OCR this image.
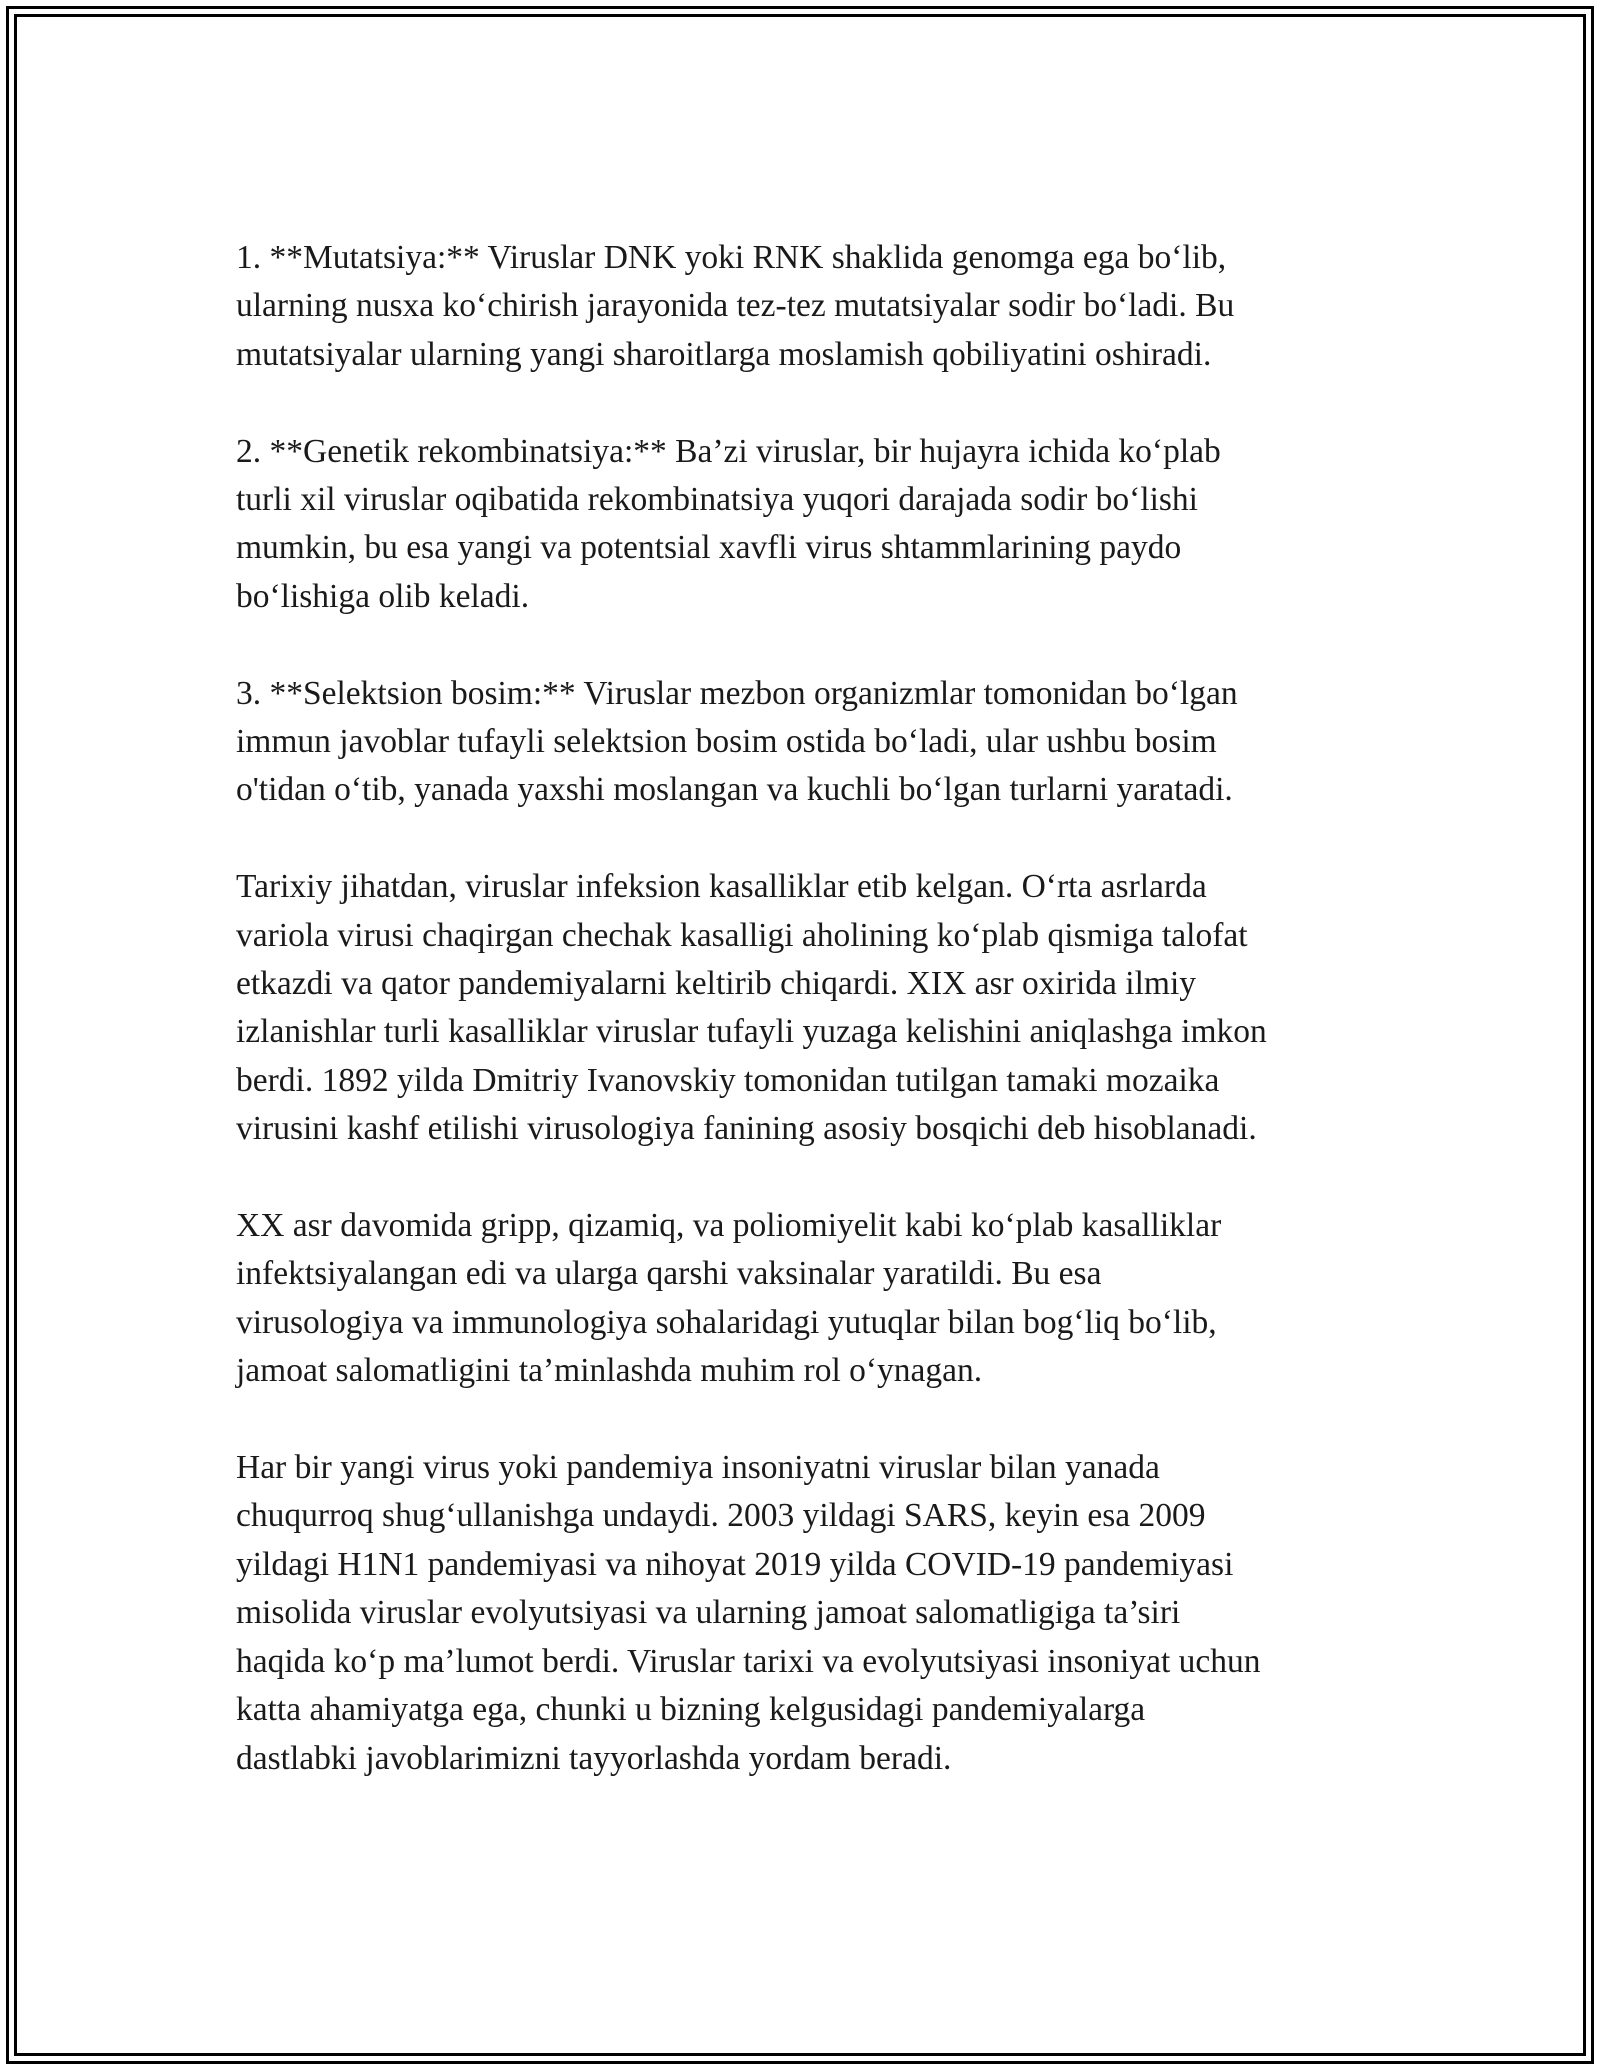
1. **Mutatsiya:** Viruslar DNK yoki RNK shaklida genomga ega bo‘lib,
ularning nusxa ko‘chirish jarayonida tez-tez mutatsiyalar sodir bo‘ladi. Bu
mutatsiyalar ularning yangi sharoitlarga moslamish qobiliyatini oshiradi.

2. **Genetik rekombinatsiya:** Ba’zi viruslar, bir hujayra ichida ko‘plab
turli xil viruslar oqibatida rekombinatsiya yuqori darajada sodir bo‘lishi
mumkin, bu esa yangi va potentsial xavfli virus shtammlarining paydo
bo‘lishiga olib keladi.

3. **Selektsion bosim:** Viruslar mezbon organizmlar tomonidan bo‘lgan
immun javoblar tufayli selektsion bosim ostida bo‘ladi, ular ushbu bosim
o'tidan o‘tib, yanada yaxshi moslangan va kuchli bo‘lgan turlarni yaratadi.

Tarixiy jihatdan, viruslar infeksion kasalliklar etib kelgan. O‘rta asrlarda
variola virusi chaqirgan chechak kasalligi aholining ko‘plab qismiga talofat
etkazdi va qator pandemiyalarni keltirib chiqardi. XIX asr oxirida ilmiy
izlanishlar turli kasalliklar viruslar tufayli yuzaga kelishini aniqlashga imkon
berdi. 1892 yilda Dmitriy Ivanovskiy tomonidan tutilgan tamaki mozaika
virusini kashf etilishi virusologiya fanining asosiy bosqichi deb hisoblanadi.

XX asr davomida gripp, qizamiq, va poliomiyelit kabi ko‘plab kasalliklar
infektsiyalangan edi va ularga qarshi vaksinalar yaratildi. Bu esa
virusologiya va immunologiya sohalaridagi yutuqlar bilan bog‘liq bo‘lib,
jamoat salomatligini ta’minlashda muhim rol o‘ynagan.

Har bir yangi virus yoki pandemiya insoniyatni viruslar bilan yanada
chuqurroq shug‘ullanishga undaydi. 2003 yildagi SARS, keyin esa 2009
yildagi H1N1 pandemiyasi va nihoyat 2019 yilda COVID-19 pandemiyasi
misolida viruslar evolyutsiyasi va ularning jamoat salomatligiga ta’siri
haqida ko‘p ma’lumot berdi. Viruslar tarixi va evolyutsiyasi insoniyat uchun
katta ahamiyatga ega, chunki u bizning kelgusidagi pandemiyalarga
dastlabki javoblarimizni tayyorlashda yordam beradi.
